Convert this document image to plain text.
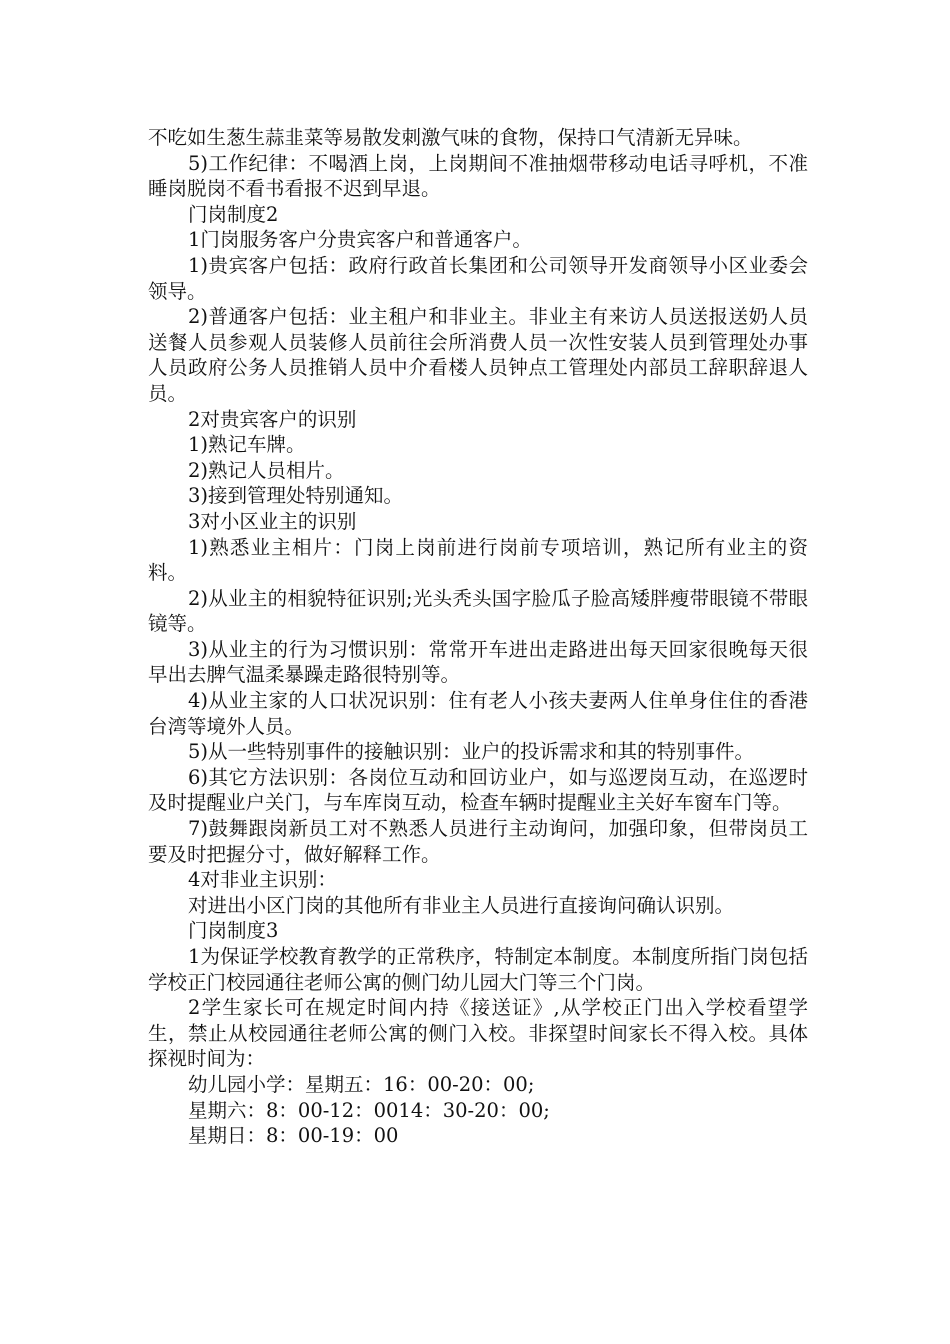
不吃如生葱生蒜韭菜等易散发刺激气味的食物，保持口气清新无异味。

5)工作纪律：不喝酒上岗，上岗期间不准抽烟带移动电话寻呼机，不准睡岗脱岗不看书看报不迟到早退。

门岗制度2

1门岗服务客户分贵宾客户和普通客户。

1)贵宾客户包括：政府行政首长集团和公司领导开发商领导小区业委会领导。

2)普通客户包括：业主租户和非业主。非业主有来访人员送报送奶人员送餐人员参观人员装修人员前往会所消费人员一次性安装人员到管理处办事人员政府公务人员推销人员中介看楼人员钟点工管理处内部员工辞职辞退人员。

2对贵宾客户的识别

1)熟记车牌。

2)熟记人员相片。

3)接到管理处特别通知。

3对小区业主的识别

1)熟悉业主相片：门岗上岗前进行岗前专项培训，熟记所有业主的资料。

2)从业主的相貌特征识别;光头秃头国字脸瓜子脸高矮胖瘦带眼镜不带眼镜等。

3)从业主的行为习惯识别：常常开车进出走路进出每天回家很晚每天很早出去脾气温柔暴躁走路很特别等。

4)从业主家的人口状况识别：住有老人小孩夫妻两人住单身住住的香港台湾等境外人员。

5)从一些特别事件的接触识别：业户的投诉需求和其的特别事件。

6)其它方法识别：各岗位互动和回访业户，如与巡逻岗互动，在巡逻时及时提醒业户关门，与车库岗互动，检查车辆时提醒业主关好车窗车门等。

7)鼓舞跟岗新员工对不熟悉人员进行主动询问，加强印象，但带岗员工要及时把握分寸，做好解释工作。

4对非业主识别：

对进出小区门岗的其他所有非业主人员进行直接询问确认识别。

门岗制度3

1为保证学校教育教学的正常秩序，特制定本制度。本制度所指门岗包括学校正门校园通往老师公寓的侧门幼儿园大门等三个门岗。

2学生家长可在规定时间内持《接送证》,从学校正门出入学校看望学生，禁止从校园通往老师公寓的侧门入校。非探望时间家长不得入校。具体探视时间为：

幼儿园小学：星期五：16：00-20：00;

星期六：8：00-12：0014：30-20：00;

星期日：8：00-19：00
